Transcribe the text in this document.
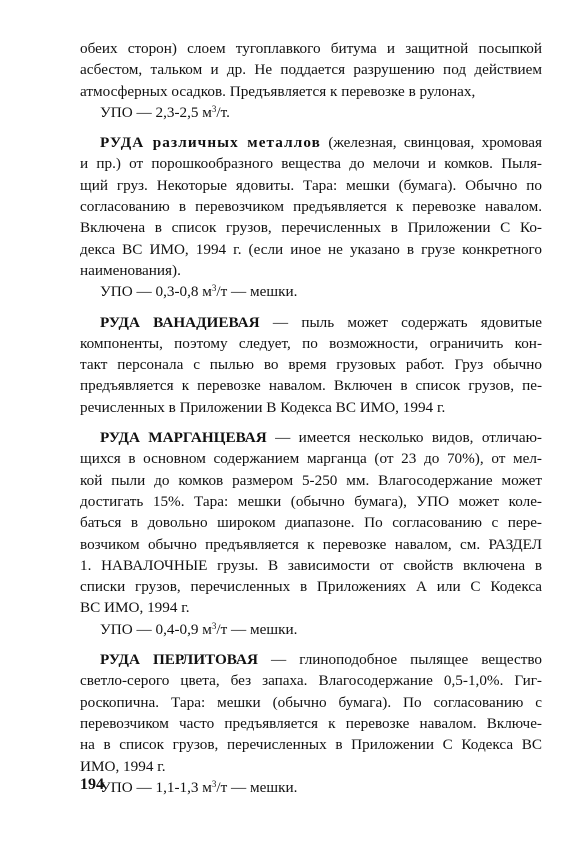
обеих сторон) слоем тугоплавкого битума и защитной посыпкой
асбестом, тальком и др. Не поддается разрушению под действием
атмосферных осадков. Предъявляется к перевозке в рулонах,
УПО — 2,3-2,5 $м^3/т$.
РУДА различных металлов (железная, свинцовая, хромовая
и пр.) от порошкообразного вещества до мелочи и комков. Пыля-
щий груз. Некоторые ядовиты. Тара: мешки (бумага). Обычно по
согласованию в перевозчиком предъявляется к перевозке навалом.
Включена в список грузов, перечисленных в Приложении С Ко-
декса ВС ИМО, 1994 г. (если иное не указано в грузе конкретного
наименования).
УПО — 0,3-0,8 $м^3/т$ — мешки.
РУДА ВАНАДИЕВАЯ — пыль может содержать ядовитые
компоненты, поэтому следует, по возможности, ограничить кон-
такт персонала с пылью во время грузовых работ. Груз обычно
предъявляется к перевозке навалом. Включен в список грузов, пе-
речисленных в Приложении В Кодекса ВС ИМО, 1994 г.
РУДА МАРГАНЦЕВАЯ — имеется несколько видов, отличаю-
щихся в основном содержанием марганца (от 23 до 70%), от мел-
кой пыли до комков размером 5-250 мм. Влагосодержание может
достигать 15%. Тара: мешки (обычно бумага), УПО может коле-
баться в довольно широком диапазоне. По согласованию с пере-
возчиком обычно предъявляется к перевозке навалом, см. РАЗДЕЛ
1. НАВАЛОЧНЫЕ грузы. В зависимости от свойств включена в
списки грузов, перечисленных в Приложениях А или С Кодекса
ВС ИМО, 1994 г.
УПО — 0,4-0,9 $м^3/т$ — мешки.
РУДА ПЕРЛИТОВАЯ — глиноподобное пылящее вещество
светло-серого цвета, без запаха. Влагосодержание 0,5-1,0%. Гиг-
роскопична. Тара: мешки (обычно бумага). По согласованию с
перевозчиком часто предъявляется к перевозке навалом. Включе-
на в список грузов, перечисленных в Приложении С Кодекса ВС
ИМО, 1994 г.
УПО — 1,1-1,3 $м^3/т$ — мешки.
194
